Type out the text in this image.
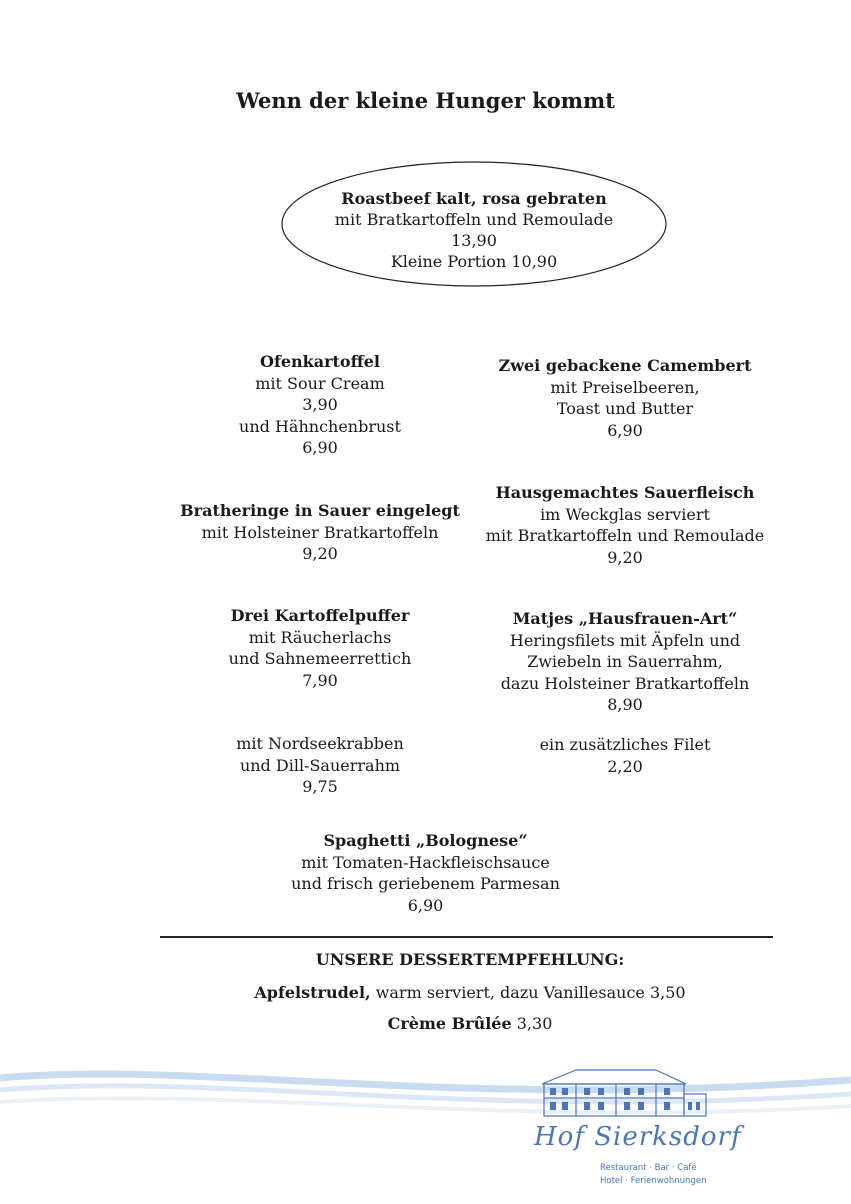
Wenn der kleine Hunger kommt
Roastbeef kalt, rosa gebraten
mit Bratkartoffeln und Remoulade
13,90
Kleine Portion 10,90
Ofenkartoffel
mit Sour Cream
3,90
und Hähnchenbrust
6,90
Bratheringe in Sauer eingelegt
mit Holsteiner Bratkartoffeln
9,20
Drei Kartoffelpuffer
mit Räucherlachs
und Sahnemeerrettich
7,90
mit Nordseekrabben
und Dill-Sauerrahm
9,75
Zwei gebackene Camembert
mit Preiselbeeren,
Toast und Butter
6,90
Hausgemachtes Sauerfleisch
im Weckglas serviert
mit Bratkartoffeln und Remoulade
9,20
Matjes „Hausfrauen-Art“
Heringsfilets mit Äpfeln und
Zwiebeln in Sauerrahm,
dazu Holsteiner Bratkartoffeln
8,90
ein zusätzliches Filet
2,20
Spaghetti „Bolognese“
mit Tomaten-Hackfleischsauce
und frisch geriebenem Parmesan
6,90
UNSERE DESSERTEMPFEHLUNG:
Apfelstrudel, warm serviert, dazu Vanillesauce 3,50
Crème Brûlée 3,30
Hof Sierksdorf
Restaurant · Bar · Café
Hotel · Ferienwohnungen
